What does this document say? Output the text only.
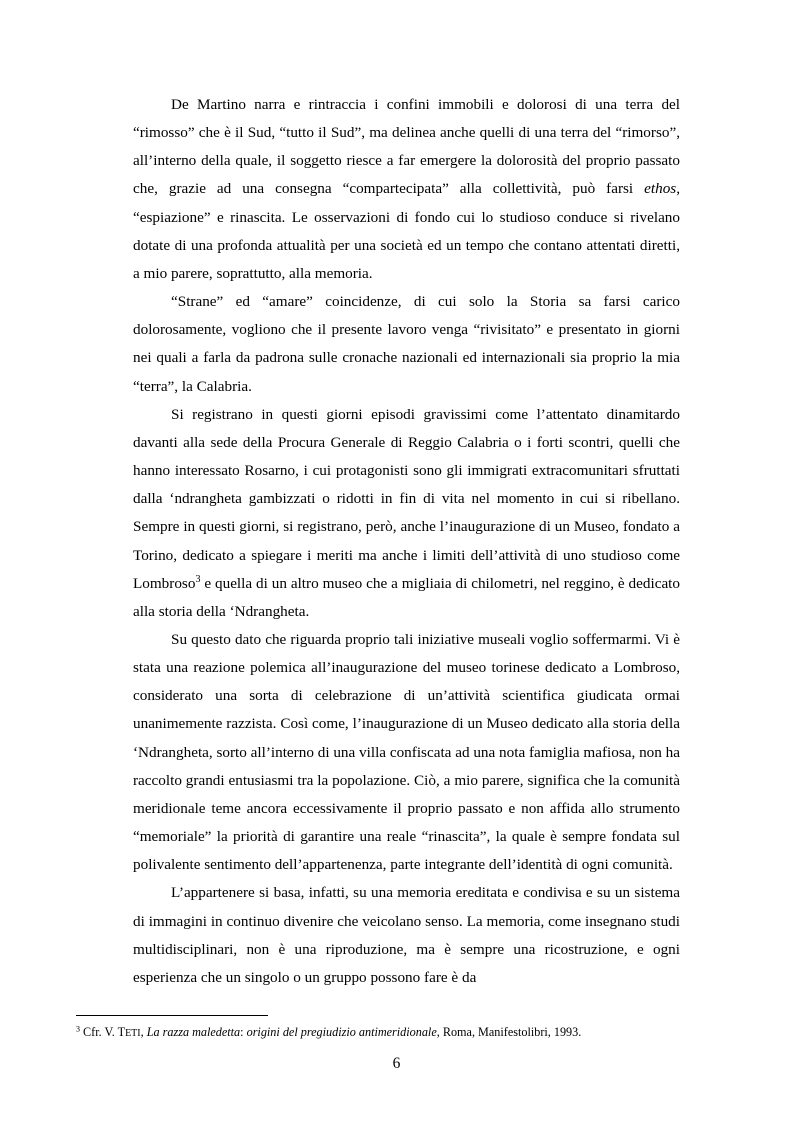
De Martino narra e rintraccia i confini immobili e dolorosi di una terra del “rimosso” che è il Sud, “tutto il Sud”, ma delinea anche quelli di una terra del “rimorso”, all’interno della quale, il soggetto riesce a far emergere la dolorosità del proprio passato che, grazie ad una consegna “compartecipata” alla collettività, può farsi ethos, “espiazione” e rinascita. Le osservazioni di fondo cui lo studioso conduce si rivelano dotate di una profonda attualità per una società ed un tempo che contano attentati diretti, a mio parere, soprattutto, alla memoria.

“Strane” ed “amare” coincidenze, di cui solo la Storia sa farsi carico dolorosamente, vogliono che il presente lavoro venga “rivisitato” e presentato in giorni nei quali a farla da padrona sulle cronache nazionali ed internazionali sia proprio la mia “terra”, la Calabria.

Si registrano in questi giorni episodi gravissimi come l’attentato dinamitardo davanti alla sede della Procura Generale di Reggio Calabria o i forti scontri, quelli che hanno interessato Rosarno, i cui protagonisti sono gli immigrati extracomunitari sfruttati dalla ‘ndrangheta gambizzati o ridotti in fin di vita nel momento in cui si ribellano. Sempre in questi giorni, si registrano, però, anche l’inaugurazione di un Museo, fondato a Torino, dedicato a spiegare i meriti ma anche i limiti dell’attività di uno studioso come Lombroso$^3$ e quella di un altro museo che a migliaia di chilometri, nel reggino, è dedicato alla storia della ‘Ndrangheta.

Su questo dato che riguarda proprio tali iniziative museali voglio soffermarmi. Vi è stata una reazione polemica all’inaugurazione del museo torinese dedicato a Lombroso, considerato una sorta di celebrazione di un’attività scientifica giudicata ormai unanimemente razzista. Così come, l’inaugurazione di un Museo dedicato alla storia della ‘Ndrangheta, sorto all’interno di una villa confiscata ad una nota famiglia mafiosa, non ha raccolto grandi entusiasmi tra la popolazione. Ciò, a mio parere, significa che la comunità meridionale teme ancora eccessivamente il proprio passato e non affida allo strumento “memoriale” la priorità di garantire una reale “rinascita”, la quale è sempre fondata sul polivalente sentimento dell’appartenenza, parte integrante dell’identità di ogni comunità.

L’appartenere si basa, infatti, su una memoria ereditata e condivisa e su un sistema di immagini in continuo divenire che veicolano senso. La memoria, come insegnano studi multidisciplinari, non è una riproduzione, ma è sempre una ricostruzione, e ogni esperienza che un singolo o un gruppo possono fare è da

$^3$ Cfr. V. TETI, La razza maledetta: origini del pregiudizio antimeridionale, Roma, Manifestolibri, 1993.
6
